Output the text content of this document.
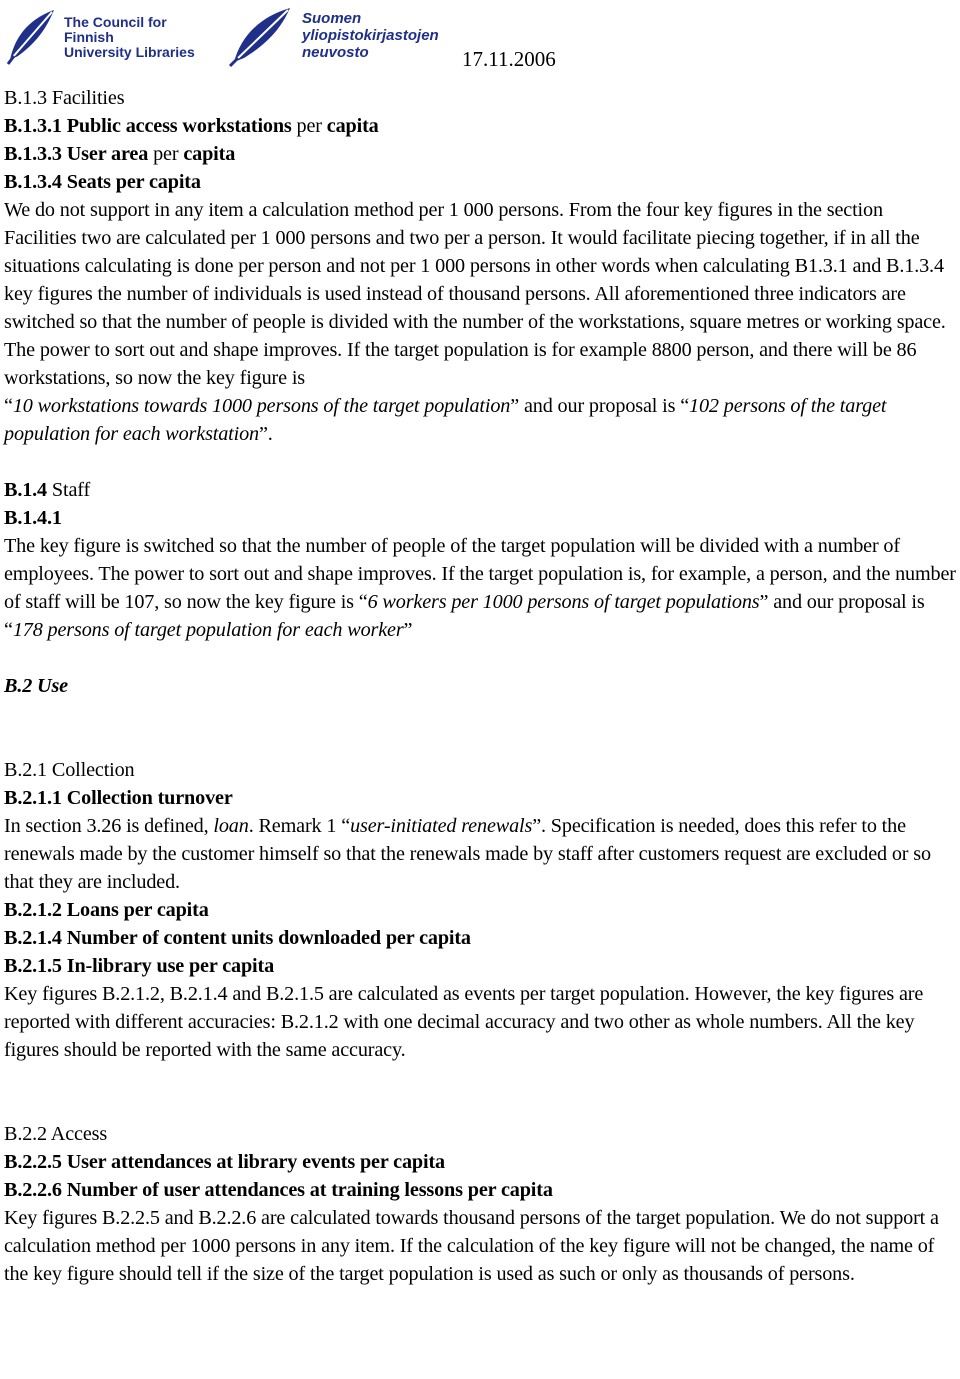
The Council for
Finnish
University Libraries
Suomen
yliopistokirjastojen
neuvosto	17.11.2006

B.1.3 Facilities

B.1.3.1 Public access workstations per capita

B.1.3.3 User area per capita

B.1.3.4 Seats per capita

We do not support in any item a calculation method per 1 000 persons. From the four key figures in the section Facilities two are calculated per 1 000 persons and two per a person. It would facilitate piecing together, if in all the situations calculating is done per person and not per 1 000 persons in other words when calculating B1.3.1 and B.1.3.4 key figures the number of individuals is used instead of thousand persons. All aforementioned three indicators are switched so that the number of people is divided with the number of the workstations, square metres or working space. The power to sort out and shape improves. If the target population is for example 8800 person, and there will be 86 workstations, so now the key figure is
“10 workstations towards 1000 persons of the target population” and our proposal is “102 persons of the target population for each workstation”.

B.1.4 Staff

B.1.4.1

The key figure is switched so that the number of people of the target population will be divided with a number of employees. The power to sort out and shape improves. If the target population is, for example, a person, and the number of staff will be 107, so now the key figure is “6 workers per 1000 persons of target populations” and our proposal is “178 persons of target population for each worker”

B.2 Use

B.2.1 Collection

B.2.1.1 Collection turnover

In section 3.26 is defined, loan. Remark 1 “user-initiated renewals”. Specification is needed, does this refer to the renewals made by the customer himself so that the renewals made by staff after customers request are excluded or so that they are included.

B.2.1.2 Loans per capita

B.2.1.4 Number of content units downloaded per capita

B.2.1.5 In-library use per capita

Key figures B.2.1.2, B.2.1.4 and B.2.1.5 are calculated as events per target population. However, the key figures are reported with different accuracies: B.2.1.2 with one decimal accuracy and two other as whole numbers. All the key figures should be reported with the same accuracy.

B.2.2 Access

B.2.2.5 User attendances at library events per capita

B.2.2.6 Number of user attendances at training lessons per capita

Key figures B.2.2.5 and B.2.2.6 are calculated towards thousand persons of the target population. We do not support a calculation method per 1000 persons in any item. If the calculation of the key figure will not be changed, the name of the key figure should tell if the size of the target population is used as such or only as thousands of persons.
